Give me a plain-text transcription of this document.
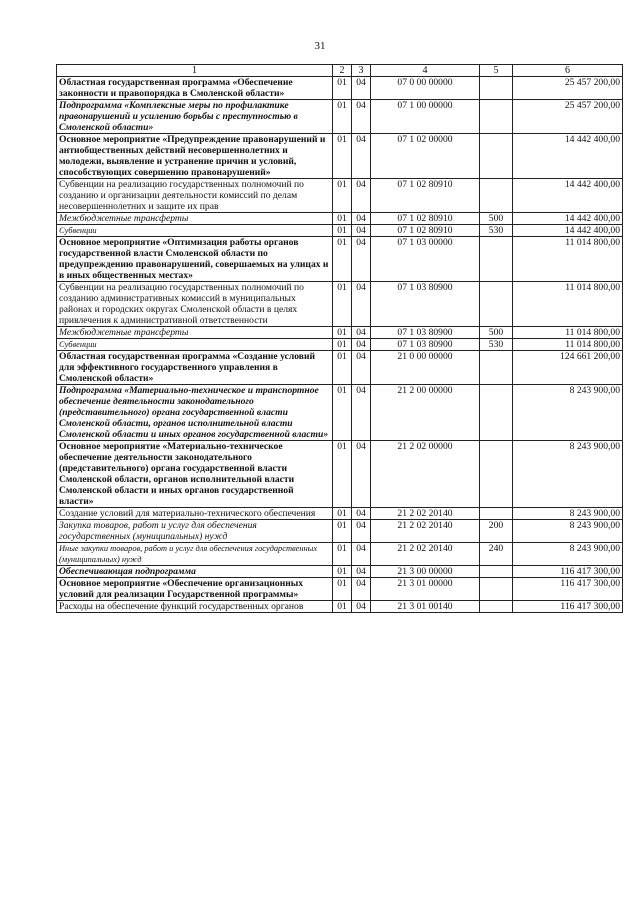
31
1	2	3	4	5	6
Областная государственная программа «Обеспечение законности и правопорядка в Смоленской области»	01	04	07 0 00 00000		25 457 200,00
Подпрограмма «Комплексные меры по профилактике правонарушений и усилению борьбы с преступностью в Смоленской области»	01	04	07 1 00 00000		25 457 200,00
Основное мероприятие «Предупреждение правонарушений и антиобщественных действий несовершеннолетних и молодежи, выявление и устранение причин и условий, способствующих совершению правонарушений»	01	04	07 1 02 00000		14 442 400,00
Субвенции на реализацию государственных полномочий по созданию и организации деятельности комиссий по делам несовершеннолетних и защите их прав	01	04	07 1 02 80910		14 442 400,00
Межбюджетные трансферты	01	04	07 1 02 80910	500	14 442 400,00
Субвенции	01	04	07 1 02 80910	530	14 442 400,00
Основное мероприятие «Оптимизация работы органов государственной власти Смоленской области по предупреждению правонарушений, совершаемых на улицах и в иных общественных местах»	01	04	07 1 03 00000		11 014 800,00
Субвенции на реализацию государственных полномочий по созданию административных комиссий в муниципальных районах и городских округах Смоленской области в целях привлечения к административной ответственности	01	04	07 1 03 80900		11 014 800,00
Межбюджетные трансферты	01	04	07 1 03 80900	500	11 014 800,00
Субвенции	01	04	07 1 03 80900	530	11 014 800,00
Областная государственная программа «Создание условий для эффективного государственного управления в Смоленской области»	01	04	21 0 00 00000		124 661 200,00
Подпрограмма «Материально-техническое и транспортное обеспечение деятельности законодательного (представительного) органа государственной власти Смоленской области, органов исполнительной власти Смоленской области и иных органов государственной власти»	01	04	21 2 00 00000		8 243 900,00
Основное мероприятие «Материально-техническое обеспечение деятельности законодательного (представительного) органа государственной власти Смоленской области, органов исполнительной власти Смоленской области и иных органов государственной власти»	01	04	21 2 02 00000		8 243 900,00
Создание условий для материально-технического обеспечения	01	04	21 2 02 20140		8 243 900,00
Закупка товаров, работ и услуг для обеспечения государственных (муниципальных) нужд	01	04	21 2 02 20140	200	8 243 900,00
Иные закупки товаров, работ и услуг для обеспечения государственных (муниципальных) нужд	01	04	21 2 02 20140	240	8 243 900,00
Обеспечивающая подпрограмма	01	04	21 3 00 00000		116 417 300,00
Основное мероприятие «Обеспечение организационных условий для реализации Государственной программы»	01	04	21 3 01 00000		116 417 300,00
Расходы на обеспечение функций государственных органов	01	04	21 3 01 00140		116 417 300,00
